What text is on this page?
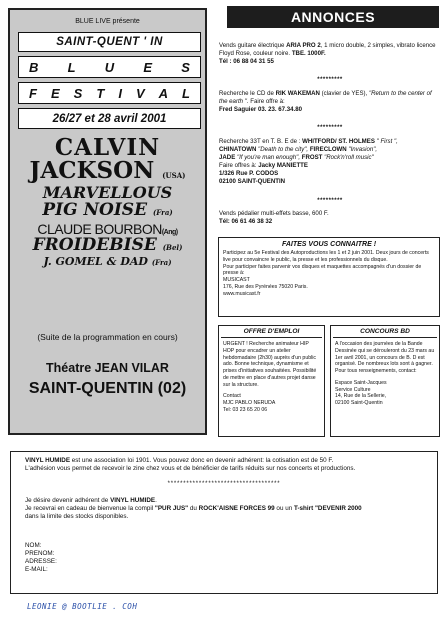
BLUE LIVE présente
SAINT-QUENT ' IN
B L U E S
F E S T I V A L
26/27 et 28 avril 2001
CALVIN
JACKSON (USA)
MARVELLOUS
PIG NOISE (Fra)
CLAUDE BOURBON(Ang)
FROIDEBISE (Bel)
J. GOMEL & DAD (Fra)
(Suite de la programmation en cours)
Théatre JEAN VILAR
SAINT-QUENTIN (02)
ANNONCES
Vends guitare électrique ARIA PRO 2, 1 micro double, 2 simples, vibrato licence Floyd Rose, couleur noire. TBE. 1000F.
Tél : 06 88 04 31 55
*********
Recherche le CD de RIK WAKEMAN (clavier de YES), "Return to the center of the earth ". Faire offre à:
Fred Saguier 03. 23. 67.34.80
*********
Recherche 33T en T. B. E de : WHITFORD/ ST. HOLMES " First ",
CHINATOWN "Death to the city", FIRECLOWN "Invasion",
JADE "If you're man enough", FROST "Rock'n'roll music"
Faire offres à: Jacky MANIETTE
1/326 Rue P. CODOS
02100 SAINT-QUENTIN
*********
Vends pédalier multi-effets basse, 600 F.
Tél: 06 61 46 38 32
FAITES VOUS CONNAITRE !
Participez au 5e Festival des Autoproductions les 1 et 2 juin 2001. Deux jours de concerts live pour convaincre le public, la presse et les professionnels du disque.
Pour participer faites parvenir vos disques et maquettes accompagnés d'un dossier de presse à:
MUSICAST
176, Rue des Pyrénées 75020 Paris.
www.musicast.fr
OFFRE D'EMPLOI
URGENT ! Recherche animateur HIP HOP pour encadrer un atelier hebdomadaire (2h30) auprès d'un public ado. Bonne technique, dynamisme et prises d'initiatives souhaitées. Possibilité de mettre en place d'autres projet danse sur la structure.
Contact
MJC PABLO NERUDA
Tel: 03 23 65 20 06
CONCOURS BD
A l'occasion des journées de la Bande Dessinée qui se dérouleront du 23 mars au 1er avril 2001, un concours de B. D est organisé. De nombreux lots sont à gagner. Pour tous renseignements, contact:
Espace Saint-Jacques
Service Culture
14, Rue de la Sellerie,
02100 Saint-Quentin
VINYL HUMIDE est une association loi 1901. Vous pouvez donc en devenir adhérent: la cotisation est de 50 F.
L'adhésion vous permet de recevoir le zine chez vous et de bénéficier de tarifs réduits sur nos concerts et productions.
************************************
Je désire devenir adhérent de VINYL HUMIDE.
Je recevrai en cadeau de bienvenue la compil "PUR JUS" du ROCK'AISNE FORCES 99 ou un T-shirt "DEVENIR 2000
dans la limite des stocks disponibles.
NOM:
PRENOM:
ADRESSE:
E-MAIL:
LEONIE @ BOOTLIE . COH
